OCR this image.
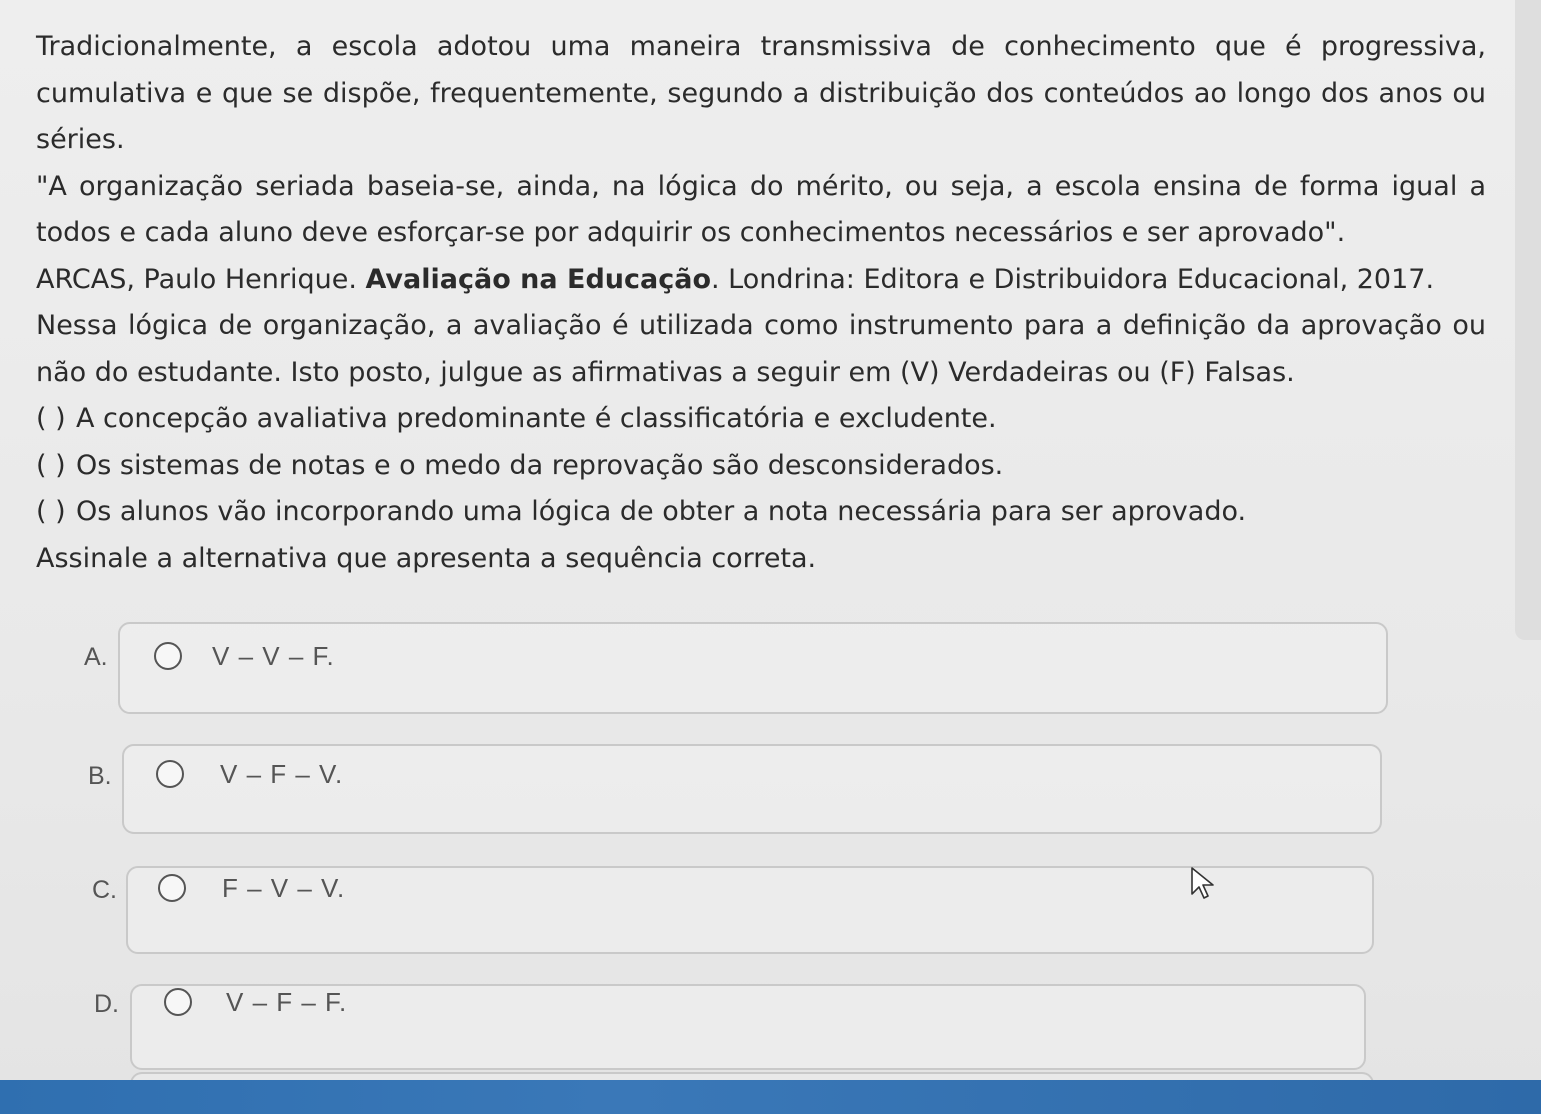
Tradicionalmente, a escola adotou uma maneira transmissiva de conhecimento que é progressiva, cumulativa e que se dispõe, frequentemente, segundo a distribuição dos conteúdos ao longo dos anos ou séries.

"A organização seriada baseia-se, ainda, na lógica do mérito, ou seja, a escola ensina de forma igual a todos e cada aluno deve esforçar-se por adquirir os conhecimentos necessários e ser aprovado".

ARCAS, Paulo Henrique. Avaliação na Educação. Londrina: Editora e Distribuidora Educacional, 2017.

Nessa lógica de organização, a avaliação é utilizada como instrumento para a definição da aprovação ou não do estudante. Isto posto, julgue as afirmativas a seguir em (V) Verdadeiras ou (F) Falsas.

( ) A concepção avaliativa predominante é classificatória e excludente.

( ) Os sistemas de notas e o medo da reprovação são desconsiderados.

( ) Os alunos vão incorporando uma lógica de obter a nota necessária para ser aprovado.

Assinale a alternativa que apresenta a sequência correta.

A.	V – V – F.
B.	V – F – V.
C.	F – V – V.
D.	V – F – F.
